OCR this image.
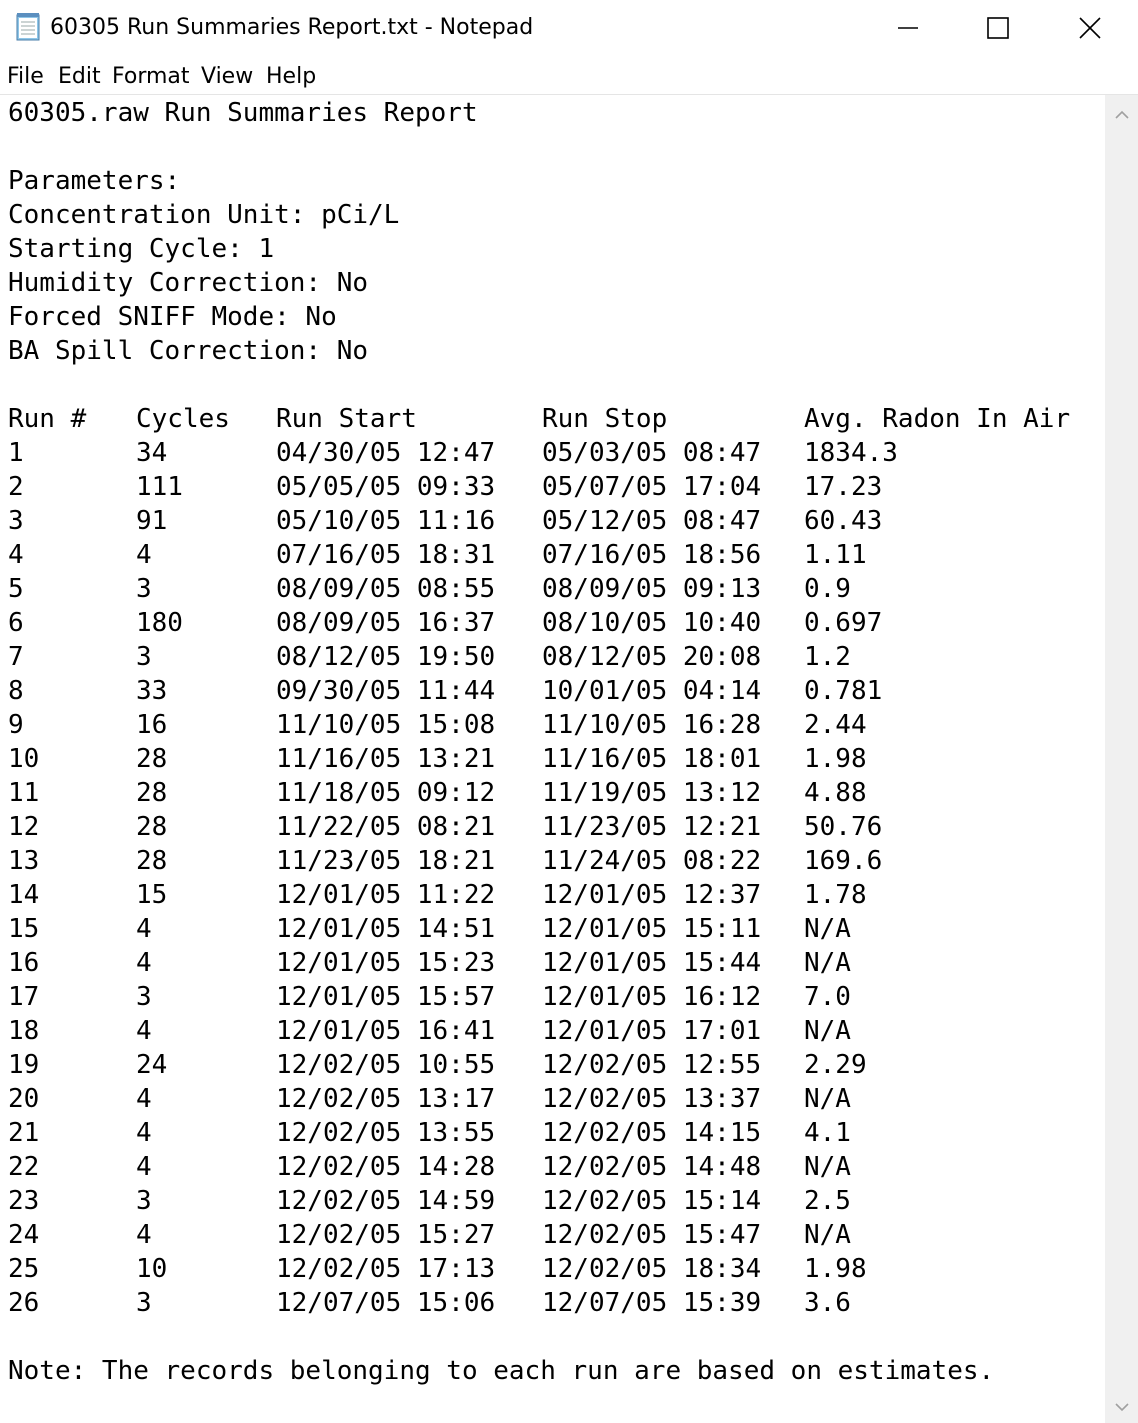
60305 Run Summaries Report.txt - Notepad
File Edit Format View Help
60305.raw Run Summaries Report
Parameters:
Concentration Unit: pCi/L
Starting Cycle: 1
Humidity Correction: No
Forced SNIFF Mode: No
BA Spill Correction: No
Run # Cycles Run Start	Run Stop	Avg. Radon In Air
1	34	04/30/05 12:47 05/03/05 08:47 1834.3
2	111	05/05/05 09:33 05/07/05 17:04 17.23
3	91	05/10/05 11:16 05/12/05 08:47 60.43
4	4	07/16/05 18:31 07/16/05 18:56 1.11
5	3	08/09/05 08:55 08/09/05 09:13 0.9
6	180	08/09/05 16:37 08/10/05 10:40 0.697
7	3	08/12/05 19:50 08/12/05 20:08 1.2
8	33	09/30/05 11:44 10/01/05 04:14 0.781
9	16	11/10/05 15:08 11/10/05 16:28 2.44
10	28	11/16/05 13:21 11/16/05 18:01 1.98
11	28	11/18/05 09:12 11/19/05 13:12 4.88
12	28	11/22/05 08:21 11/23/05 12:21 50.76
13	28	11/23/05 18:21 11/24/05 08:22 169.6
14	15	12/01/05 11:22 12/01/05 12:37 1.78
15	4	12/01/05 14:51 12/01/05 15:11 N/A
16	4	12/01/05 15:23 12/01/05 15:44 N/A
17	3	12/01/05 15:57 12/01/05 16:12 7.0
18	4	12/01/05 16:41 12/01/05 17:01 N/A
19	24	12/02/05 10:55 12/02/05 12:55 2.29
20	4	12/02/05 13:17 12/02/05 13:37 N/A
21	4	12/02/05 13:55 12/02/05 14:15 4.1
22	4	12/02/05 14:28 12/02/05 14:48 N/A
23	3	12/02/05 14:59 12/02/05 15:14 2.5
24	4	12/02/05 15:27 12/02/05 15:47 N/A
25	10	12/02/05 17:13 12/02/05 18:34 1.98
26	3	12/07/05 15:06 12/07/05 15:39 3.6
Note: The records belonging to each run are based on estimates.
